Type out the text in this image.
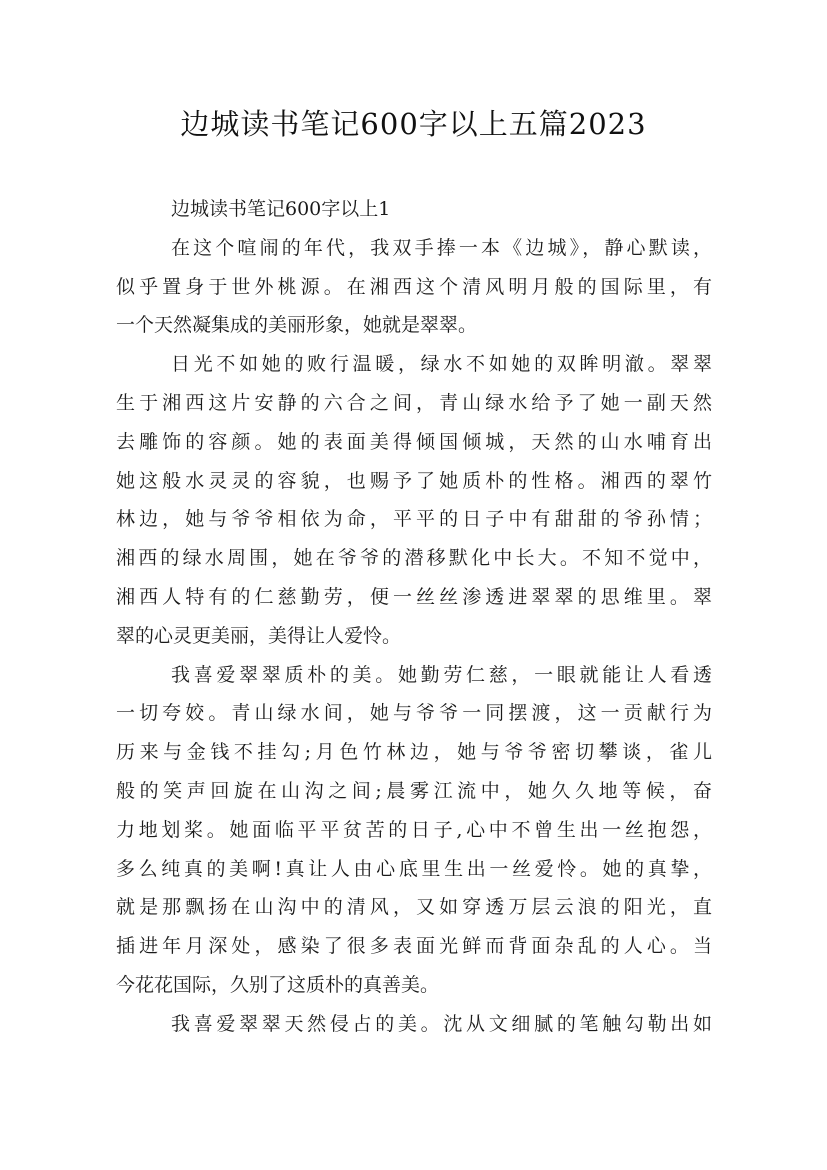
边城读书笔记600字以上五篇2023
边城读书笔记600字以上1
在这个喧闹的年代，我双手捧一本《边城》，静心默读，
似乎置身于世外桃源。在湘西这个清风明月般的国际里，有
一个天然凝集成的美丽形象，她就是翠翠。
日光不如她的败行温暖，绿水不如她的双眸明澈。翠翠
生于湘西这片安静的六合之间，青山绿水给予了她一副天然
去雕饰的容颜。她的表面美得倾国倾城，天然的山水哺育出
她这般水灵灵的容貌，也赐予了她质朴的性格。湘西的翠竹
林边，她与爷爷相依为命，平平的日子中有甜甜的爷孙情；
湘西的绿水周围，她在爷爷的潜移默化中长大。不知不觉中，
湘西人特有的仁慈勤劳，便一丝丝渗透进翠翠的思维里。翠
翠的心灵更美丽，美得让人爱怜。
我喜爱翠翠质朴的美。她勤劳仁慈，一眼就能让人看透
一切夸姣。青山绿水间，她与爷爷一同摆渡，这一贡献行为
历来与金钱不挂勾;月色竹林边，她与爷爷密切攀谈，雀儿
般的笑声回旋在山沟之间;晨雾江流中，她久久地等候，奋
力地划桨。她面临平平贫苦的日子,心中不曾生出一丝抱怨，
多么纯真的美啊!真让人由心底里生出一丝爱怜。她的真挚，
就是那飘扬在山沟中的清风，又如穿透万层云浪的阳光，直
插进年月深处，感染了很多表面光鲜而背面杂乱的人心。当
今花花国际，久别了这质朴的真善美。
我喜爱翠翠天然侵占的美。沈从文细腻的笔触勾勒出如
